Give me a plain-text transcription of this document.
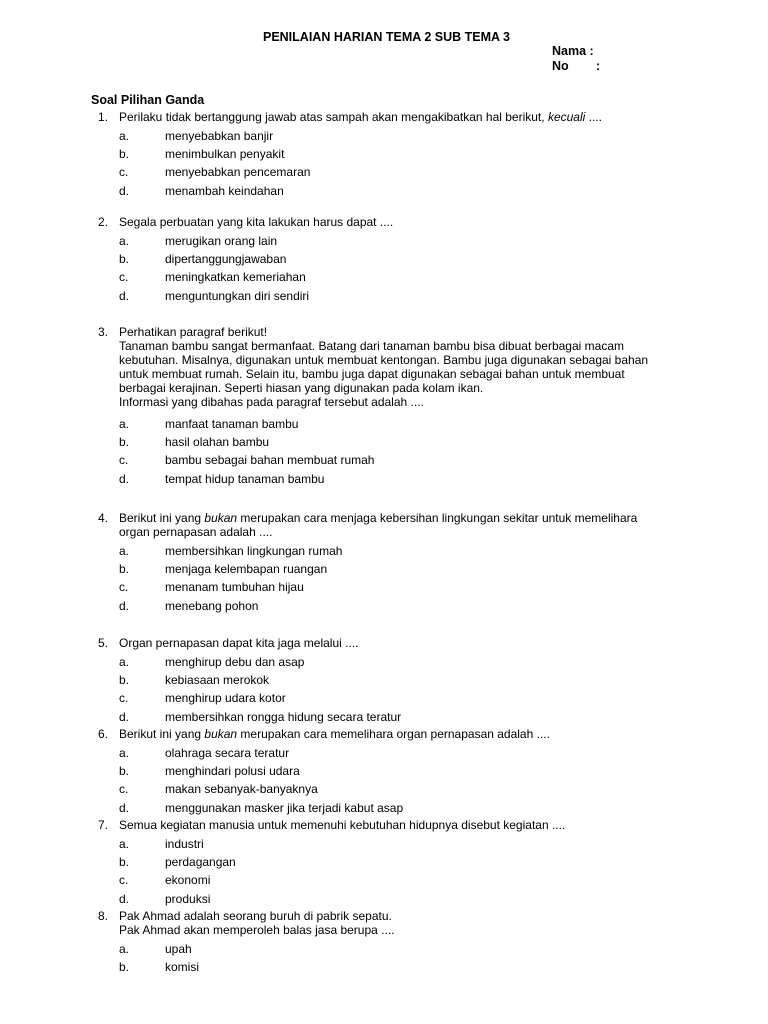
PENILAIAN HARIAN TEMA 2 SUB TEMA 3
Nama :
No :
Soal Pilihan Ganda
1. Perilaku tidak bertanggung jawab atas sampah akan mengakibatkan hal berikut, kecuali ....
a.	menyebabkan banjir
b.	menimbulkan penyakit
c.	menyebabkan pencemaran
d.	menambah keindahan
2. Segala perbuatan yang kita lakukan harus dapat ....
a.	merugikan orang lain
b.	dipertanggungjawaban
c.	meningkatkan kemeriahan
d.	menguntungkan diri sendiri
3. Perhatikan paragraf berikut!
Tanaman bambu sangat bermanfaat. Batang dari tanaman bambu bisa dibuat berbagai macam
kebutuhan. Misalnya, digunakan untuk membuat kentongan. Bambu juga digunakan sebagai bahan
untuk membuat rumah. Selain itu, bambu juga dapat digunakan sebagai bahan untuk membuat
berbagai kerajinan. Seperti hiasan yang digunakan pada kolam ikan.
Informasi yang dibahas pada paragraf tersebut adalah ....
a.	manfaat tanaman bambu
b.	hasil olahan bambu
c.	bambu sebagai bahan membuat rumah
d.	tempat hidup tanaman bambu
4. Berikut ini yang bukan merupakan cara menjaga kebersihan lingkungan sekitar untuk memelihara
organ pernapasan adalah ....
a.	membersihkan lingkungan rumah
b.	menjaga kelembapan ruangan
c.	menanam tumbuhan hijau
d.	menebang pohon
5. Organ pernapasan dapat kita jaga melalui ....
a.	menghirup debu dan asap
b.	kebiasaan merokok
c.	menghirup udara kotor
d.	membersihkan rongga hidung secara teratur
6. Berikut ini yang bukan merupakan cara memelihara organ pernapasan adalah ....
a.	olahraga secara teratur
b.	menghindari polusi udara
c.	makan sebanyak-banyaknya
d.	menggunakan masker jika terjadi kabut asap
7. Semua kegiatan manusia untuk memenuhi kebutuhan hidupnya disebut kegiatan ....
a.	industri
b.	perdagangan
c.	ekonomi
d.	produksi
8. Pak Ahmad adalah seorang buruh di pabrik sepatu.
Pak Ahmad akan memperoleh balas jasa berupa ....
a.	upah
b.	komisi
